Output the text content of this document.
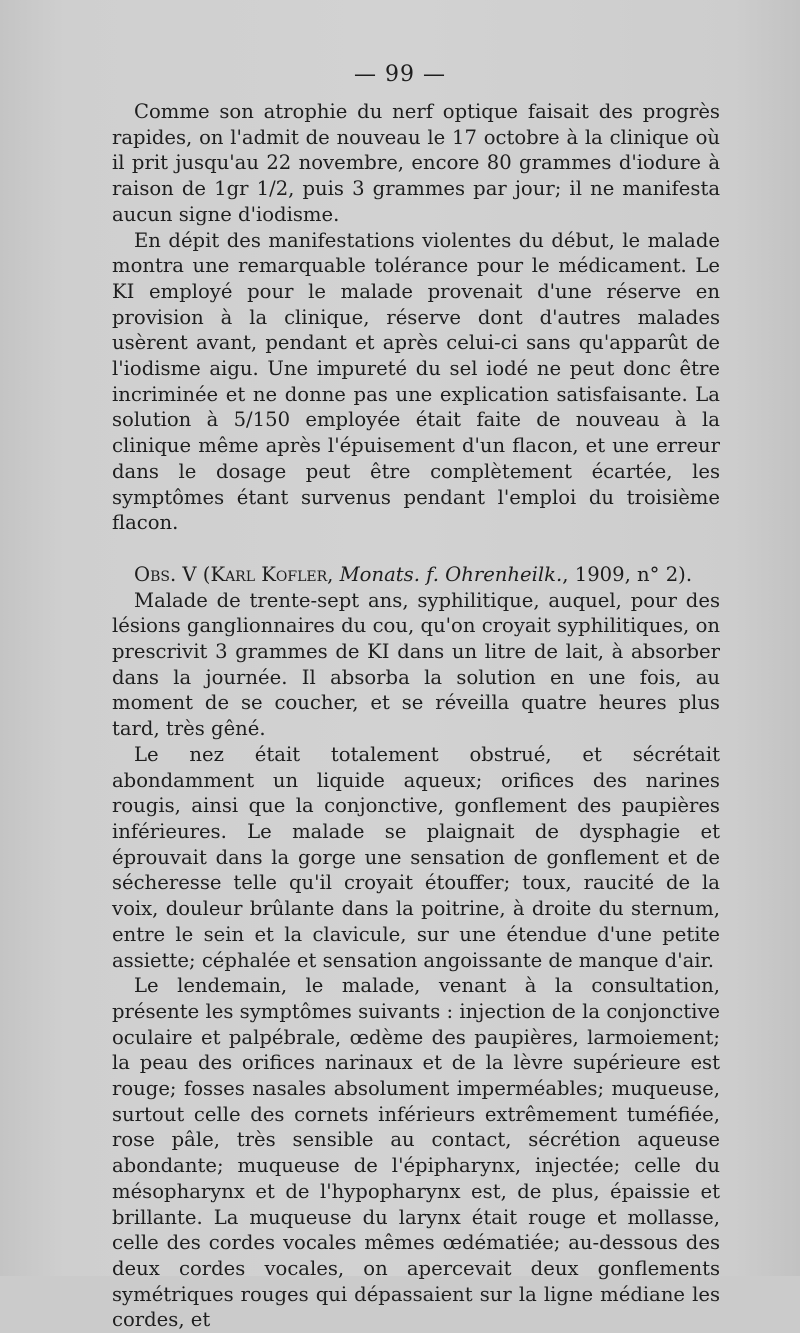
— 99 —

Comme son atrophie du nerf optique faisait des progrès rapides, on l'admit de nouveau le 17 octobre à la clinique où il prit jusqu'au 22 novembre, encore 80 grammes d'iodure à raison de 1gr 1/2, puis 3 grammes par jour; il ne manifesta aucun signe d'iodisme.

En dépit des manifestations violentes du début, le malade montra une remarquable tolérance pour le médicament. Le KI employé pour le malade provenait d'une réserve en provision à la clinique, réserve dont d'autres malades usèrent avant, pendant et après celui-ci sans qu'apparût de l'iodisme aigu. Une impureté du sel iodé ne peut donc être incriminée et ne donne pas une explication satisfaisante. La solution à 5/150 employée était faite de nouveau à la clinique même après l'épuisement d'un flacon, et une erreur dans le dosage peut être complètement écartée, les symptômes étant survenus pendant l'emploi du troisième flacon.

Obs. V (Karl Kofler, Monats. f. Ohrenheilk., 1909, n° 2).

Malade de trente-sept ans, syphilitique, auquel, pour des lésions ganglionnaires du cou, qu'on croyait syphilitiques, on prescrivit 3 grammes de KI dans un litre de lait, à absorber dans la journée. Il absorba la solution en une fois, au moment de se coucher, et se réveilla quatre heures plus tard, très gêné.

Le nez était totalement obstrué, et sécrétait abondamment un liquide aqueux; orifices des narines rougis, ainsi que la conjonctive, gonflement des paupières inférieures. Le malade se plaignait de dysphagie et éprouvait dans la gorge une sensation de gonflement et de sécheresse telle qu'il croyait étouffer; toux, raucité de la voix, douleur brûlante dans la poitrine, à droite du sternum, entre le sein et la clavicule, sur une étendue d'une petite assiette; céphalée et sensation angoissante de manque d'air.

Le lendemain, le malade, venant à la consultation, présente les symptômes suivants : injection de la conjonctive oculaire et palpébrale, œdème des paupières, larmoiement; la peau des orifices narinaux et de la lèvre supérieure est rouge; fosses nasales absolument imperméables; muqueuse, surtout celle des cornets inférieurs extrêmement tuméfiée, rose pâle, très sensible au contact, sécrétion aqueuse abondante; muqueuse de l'épipharynx, injectée; celle du mésopharynx et de l'hypopharynx est, de plus, épaissie et brillante. La muqueuse du larynx était rouge et mollasse, celle des cordes vocales mêmes œdématiée; au-dessous des deux cordes vocales, on apercevait deux gonflements symétriques rouges qui dépassaient sur la ligne médiane les cordes, et
